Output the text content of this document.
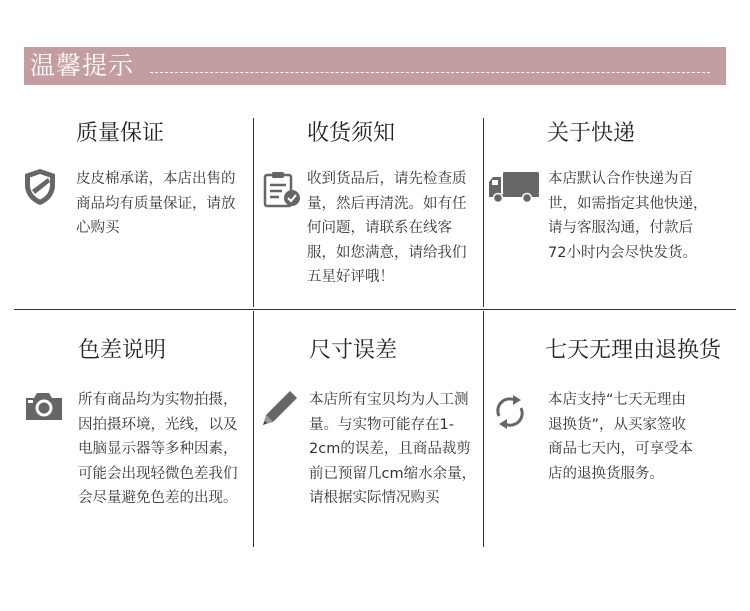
温馨提示
质量保证
皮皮棉承诺，本店出售的商品均有质量保证，请放心购买
收货须知
收到货品后，请先检查质量，然后再清洗。如有任何问题，请联系在线客服，如您满意，请给我们五星好评哦！
关于快递
本店默认合作快递为百世，如需指定其他快递，请与客服沟通，付款后72小时内会尽快发货。
色差说明
所有商品均为实物拍摄，因拍摄环境，光线，以及电脑显示器等多种因素，可能会出现轻微色差我们会尽量避免色差的出现。
尺寸误差
本店所有宝贝均为人工测量。与实物可能存在1-2cm的误差，且商品裁剪前已预留几cm缩水余量，请根据实际情况购买
七天无理由退换货
本店支持“七天无理由退换货”，从买家签收商品七天内，可享受本店的退换货服务。
